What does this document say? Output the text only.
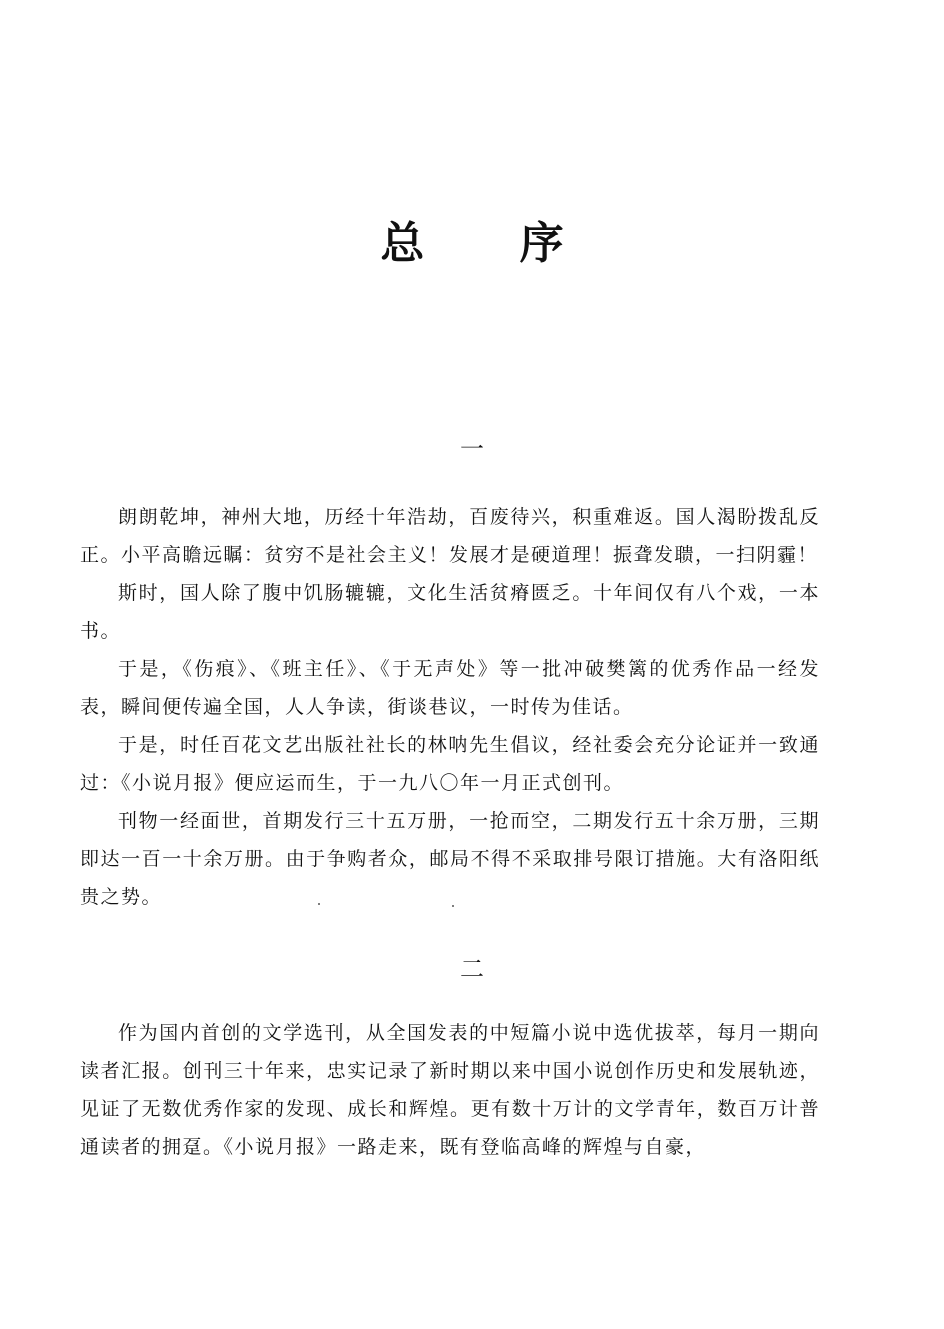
总 序
一

朗朗乾坤，神州大地，历经十年浩劫，百废待兴，积重难返。国人渴盼拨乱反正。小平高瞻远瞩：贫穷不是社会主义！发展才是硬道理！振聋发聩，一扫阴霾！

斯时，国人除了腹中饥肠辘辘，文化生活贫瘠匮乏。十年间仅有八个戏，一本书。

于是，《伤痕》、《班主任》、《于无声处》等一批冲破樊篱的优秀作品一经发表，瞬间便传遍全国，人人争读，街谈巷议，一时传为佳话。

于是，时任百花文艺出版社社长的林呐先生倡议，经社委会充分论证并一致通过：《小说月报》便应运而生，于一九八〇年一月正式创刊。

刊物一经面世，首期发行三十五万册，一抢而空，二期发行五十余万册，三期即达一百一十余万册。由于争购者众，邮局不得不采取排号限订措施。大有洛阳纸贵之势。

二

作为国内首创的文学选刊，从全国发表的中短篇小说中选优拔萃，每月一期向读者汇报。创刊三十年来，忠实记录了新时期以来中国小说创作历史和发展轨迹，见证了无数优秀作家的发现、成长和辉煌。更有数十万计的文学青年，数百万计普通读者的拥趸。《小说月报》一路走来，既有登临高峰的辉煌与自豪，
